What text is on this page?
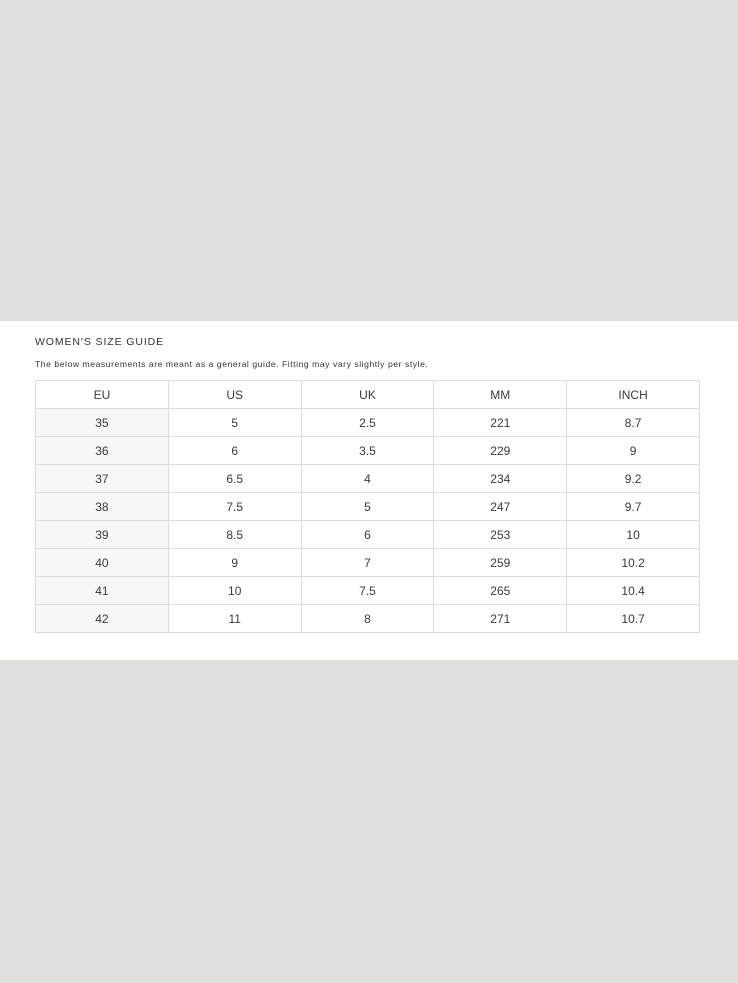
WOMEN'S SIZE GUIDE
The below measurements are meant as a general guide. Fitting may vary slightly per style.
EU	US	UK	MM	INCH
35	5	2.5	221	8.7
36	6	3.5	229	9
37	6.5	4	234	9.2
38	7.5	5	247	9.7
39	8.5	6	253	10
40	9	7	259	10.2
41	10	7.5	265	10.4
42	11	8	271	10.7
